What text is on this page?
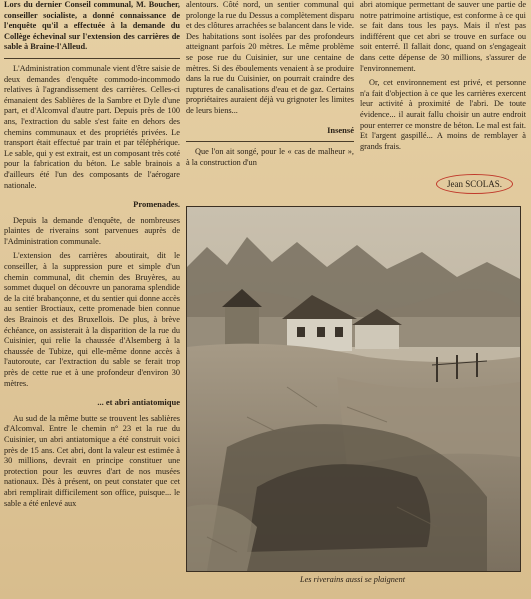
Lors du dernier Conseil communal, M. Boucher, conseiller socialiste, a donné connaissance de l'enquête qu'il a effectuée à la demande du Collège échevinal sur l'extension des carrières de sable à Braine-l'Alleud.

L'Administration communale vient d'être saisie de deux demandes d'enquête commodo-incommodo relatives à l'agrandissement des carrières. Celles-ci émanaient des Sablières de la Sambre et Dyle d'une part, et d'Alcomval d'autre part. Depuis près de 100 ans, l'extraction du sable s'est faite en dehors des chemins communaux et des propriétés privées. Le transport était effectué par train et par téléphérique. Le sable, qui y est extrait, est un composant très coté pour la fabrication du béton. Le sable brainois a d'ailleurs été l'un des composants de l'aérogare nationale.

Promenades.

Depuis la demande d'enquête, de nombreuses plaintes de riverains sont parvenues auprès de l'Administration communale.

L'extension des carrières aboutirait, dit le conseiller, à la suppression pure et simple d'un chemin communal, dit chemin des Bruyères, au sommet duquel on découvre un panorama splendide de la cité brabançonne, et du sentier qui donne accès au sentier Broctiaux, cette promenade bien connue des Brainois et des Bruxellois. De plus, à brève échéance, on assisterait à la disparition de la rue du Cuisinier, qui relie la chaussée d'Alsemberg à la chaussée de Tubize, qui elle-même donne accès à l'autoroute, car l'extraction du sable se ferait trop près de cette rue et à une profondeur d'environ 30 mètres.

... et abri antiatomique

Au sud de la même butte se trouvent les sablières d'Alcomval. Entre le chemin n° 23 et la rue du Cuisinier, un abri antiatomique a été construit voici près de 15 ans. Cet abri, dont la valeur est estimée à 30 millions, devrait en principe constituer une protection pour les œuvres d'art de nos musées nationaux. Dès à présent, on peut constater que cet abri remplirait difficilement son office, puisque... le sable a été enlevé aux

alentours. Côté nord, un sentier communal qui prolonge la rue du Dessus a complètement disparu et des clôtures arrachées se balancent dans le vide. Des habitations sont isolées par des profondeurs atteignant parfois 20 mètres. Le même problème se pose rue du Cuisinier, sur une centaine de mètres. Si des éboulements venaient à se produire dans la rue du Cuisinier, on pourrait craindre des ruptures de canalisations d'eau et de gaz. Certains propriétaires auraient déjà vu grignoter les limites de leurs biens...

Insensé

Que l'on ait songé, pour le « cas de malheur », à la construction d'un

abri atomique permettant de sauver une partie de notre patrimoine artistique, est conforme à ce qui se fait dans tous les pays. Mais il n'est pas indifférent que cet abri se trouve en surface ou soit enterré. Il fallait donc, quand on s'engageait dans cette dépense de 30 millions, s'assurer de l'environnement.

Or, cet environnement est privé, et personne n'a fait d'objection à ce que les carrières exercent leur activité à proximité de l'abri. De toute évidence... il aurait fallu choisir un autre endroit pour enterrer ce monstre de béton. Le mal est fait. Et l'argent gaspillé... A moins de remblayer à grands frais.

Jean SCOLAS.
Les riverains aussi se plaignent
